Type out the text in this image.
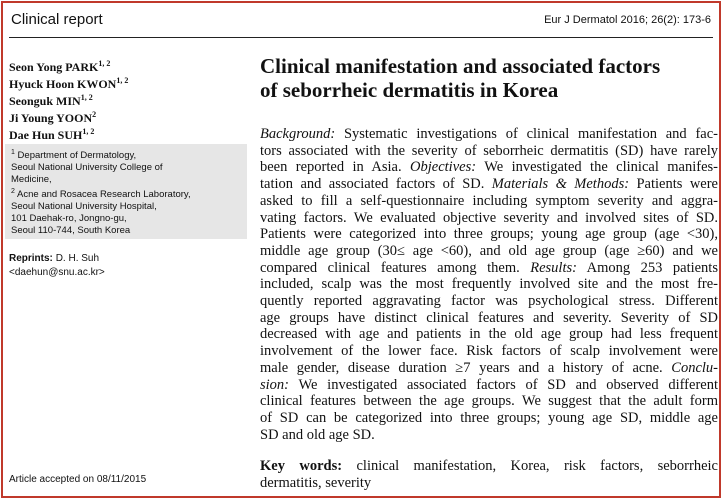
Clinical report	Eur J Dermatol 2016; 26(2): 173-6
Seon Yong PARK$^{1, 2}$
Hyuck Hoon KWON$^{1, 2}$
Seonguk MIN$^{1, 2}$
Ji Young YOON$^2$
Dae Hun SUH$^{1, 2}$
$^1$ Department of Dermatology,
Seoul National University College of
Medicine,
$^2$ Acne and Rosacea Research Laboratory,
Seoul National University Hospital,
101 Daehak-ro, Jongno-gu,
Seoul 110-744, South Korea
Reprints: D. H. Suh
<daehun@snu.ac.kr>
Article accepted on 08/11/2015
Clinical manifestation and associated factors
of seborrheic dermatitis in Korea
Background: Systematic investigations of clinical manifestation and fac-
tors associated with the severity of seborrheic dermatitis (SD) have rarely
been reported in Asia. Objectives: We investigated the clinical manifes-
tation and associated factors of SD. Materials & Methods: Patients were
asked to fill a self-questionnaire including symptom severity and aggra-
vating factors. We evaluated objective severity and involved sites of SD.
Patients were categorized into three groups; young age group (age <30),
middle age group (30≤ age <60), and old age group (age ≥60) and we
compared clinical features among them. Results: Among 253 patients
included, scalp was the most frequently involved site and the most fre-
quently reported aggravating factor was psychological stress. Different
age groups have distinct clinical features and severity. Severity of SD
decreased with age and patients in the old age group had less frequent
involvement of the lower face. Risk factors of scalp involvement were
male gender, disease duration ≥7 years and a history of acne. Conclu-
sion: We investigated associated factors of SD and observed different
clinical features between the age groups. We suggest that the adult form
of SD can be categorized into three groups; young age SD, middle age
SD and old age SD.
Key words: clinical manifestation, Korea, risk factors, seborrheic
dermatitis, severity
